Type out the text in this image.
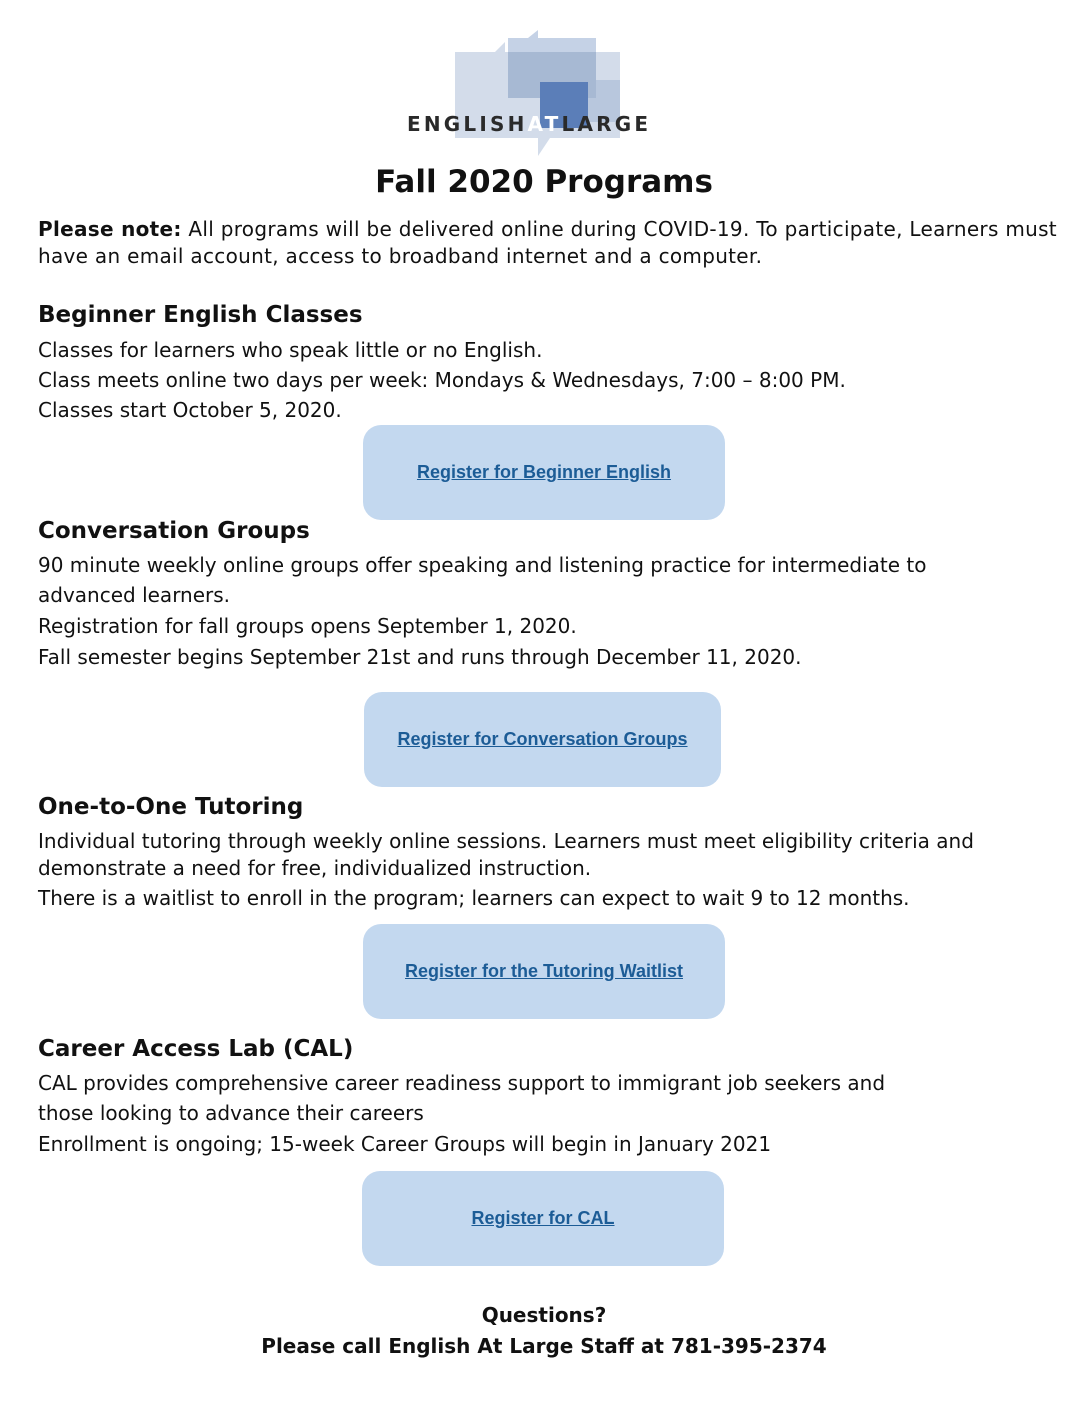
ENGLISHATLARGE
Fall 2020 Programs
Please note: All programs will be delivered online during COVID-19. To participate, Learners must have an email account, access to broadband internet and a computer.
Beginner English Classes
Classes for learners who speak little or no English.
Class meets online two days per week: Mondays & Wednesdays, 7:00 – 8:00 PM.
Classes start October 5, 2020.
Register for Beginner English
Conversation Groups
90 minute weekly online groups offer speaking and listening practice for intermediate to
advanced learners.
Registration for fall groups opens September 1, 2020.
Fall semester begins September 21st and runs through December 11, 2020.
Register for Conversation Groups
One-to-One Tutoring
Individual tutoring through weekly online sessions. Learners must meet eligibility criteria and
demonstrate a need for free, individualized instruction.
There is a waitlist to enroll in the program; learners can expect to wait 9 to 12 months.
Register for the Tutoring Waitlist
Career Access Lab (CAL)
CAL provides comprehensive career readiness support to immigrant job seekers and
those looking to advance their careers
Enrollment is ongoing; 15-week Career Groups will begin in January 2021
Register for CAL
Questions?
Please call English At Large Staff at 781-395-2374
